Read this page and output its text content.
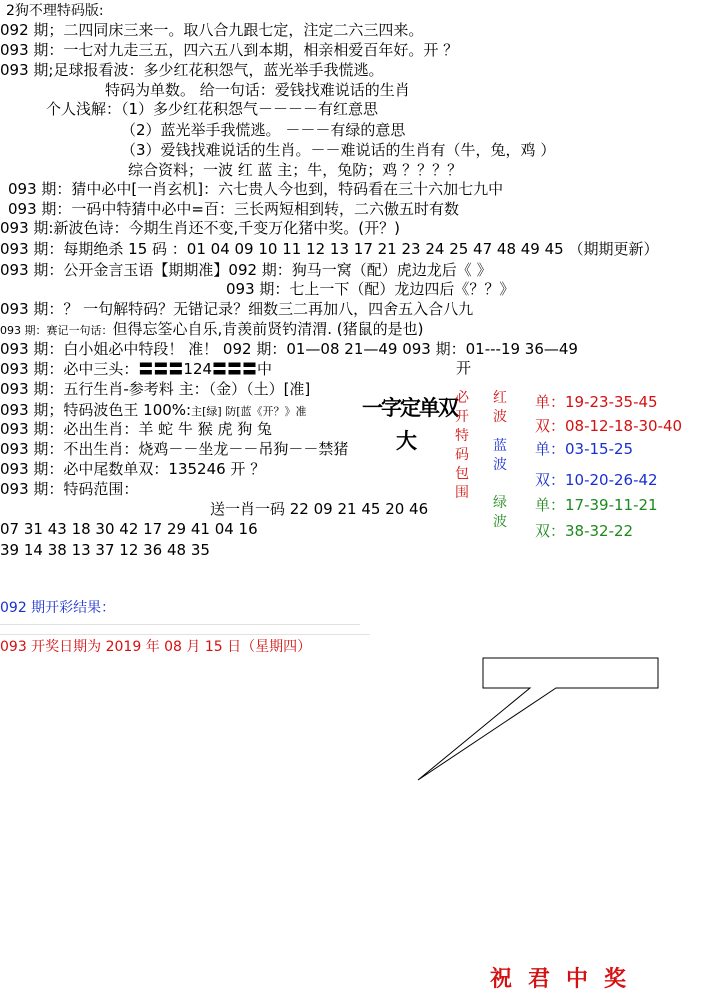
2狗不理特码版:
092 期；二四同床三来一。取八合九跟七定，注定二六三四来。
093 期：一七对九走三五，四六五八到本期，相亲相爱百年好。开 ？
093 期;足球报看波：多少红花积怨气，蓝光举手我慌逃。
特码为单数。 给一句话：爱钱找难说话的生肖
个人浅解：（1）多少红花积怨气－－－－有红意思
（2）蓝光举手我慌逃。 －－－有绿的意思
（3）爱钱找难说话的生肖。－－难说话的生肖有（牛，兔，鸡 ）
综合资料；一波 红 蓝 主；牛，兔防；鸡 ？？？？
093 期：猜中必中[一肖玄机]：六七贵人今也到，特码看在三十六加七九中
093 期：一码中特猜中必中=百：三长两短相到转，二六傲五时有数
093 期:新波色诗：今期生肖还不变,千变万化猪中奖。(开？)
093 期：每期绝杀 15 码 ：01 04 09 10 11 12 13 17 21 23 24 25 47 48 49 45 （期期更新）
093 期：公开金言玉语【期期准】092 期：狗马一窝（配）虎边龙后《 》
093 期：七上一下（配）龙边四后《？？》
093 期：？ 一句解特码？无错记录？细数三二再加八，四舍五入合八九
093 期：赛记一句话：但得忘筌心自乐,肯羡前贤钓清渭. (猪鼠的是也)
093 期：白小姐必中特段！ 准！ 092 期：01—08 21—49 093 期：01---19 36—49
开
093 期：必中三头：〓〓〓124〓〓〓中
093 期：五行生肖-参考料 主：（金）（土）[准]
093 期；特码波色王 100%:主[绿] 防[蓝《开？》准
093 期：必出生肖：羊 蛇 牛 猴 虎 狗 兔
093 期：不出生肖：烧鸡－－坐龙－－吊狗－－禁猪
093 期：必中尾数单双：135246 开 ？
093 期：特码范围：
送一肖一码 22 09 21 45 20 46
07 31 43 18 30 42 17 29 41 04 16
39 14 38 13 37 12 36 48 35
一字定单双
大
必开特码包围
红波
蓝波
绿波
单：19-23-35-45
双：08-12-18-30-40
单：03-15-25
双：10-20-26-42
单：17-39-11-21
双：38-32-22
092 期开彩结果：
093 开奖日期为 2019 年 08 月 15 日（星期四）
祝君中奖
